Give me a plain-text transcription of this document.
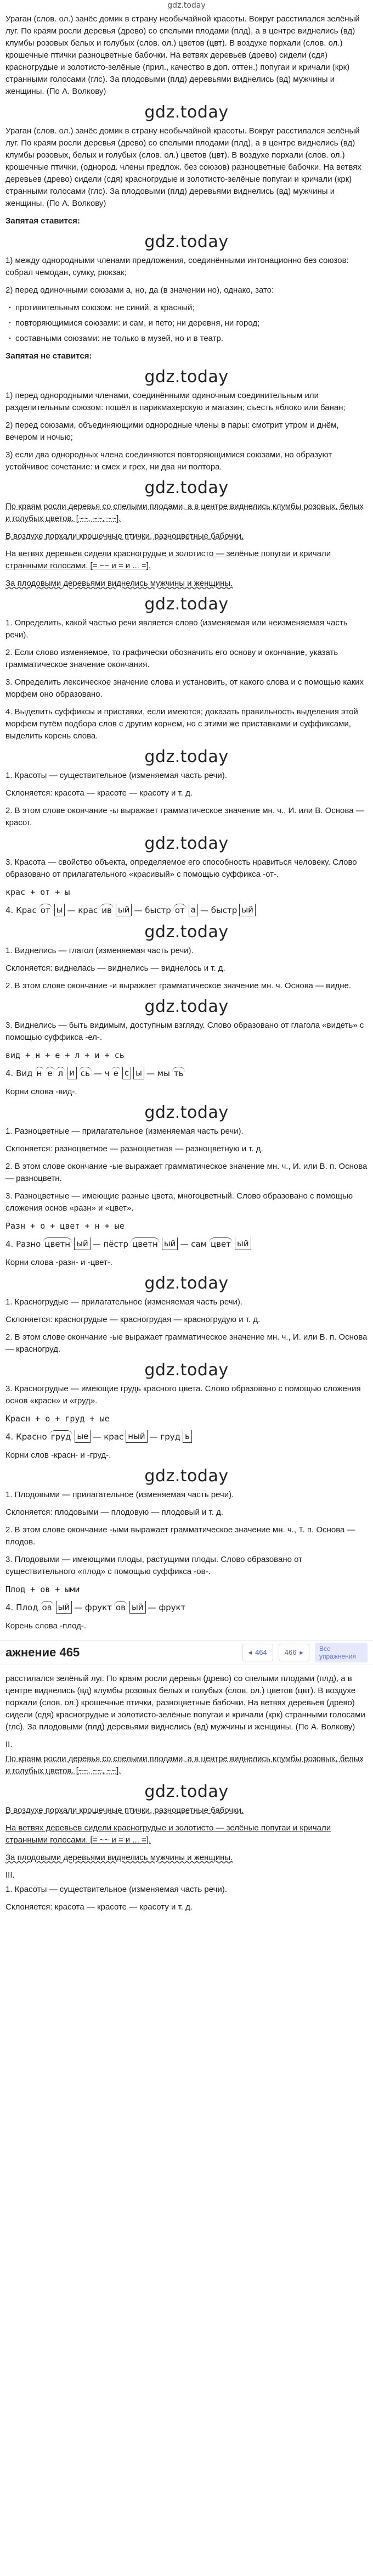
gdz.today

Ураган (слов. ол.) занёс домик в страну необычайной красоты. Вокруг расстилался зелёный луг. По краям росли деревья (древо) со спелыми плодами (плд), а в центре виднелись (вд) клумбы розовых белых и голубых (слов. ол.) цветов (цвт). В воздухе порхали (слов. ол.) крошечные птички разноцветные бабочки. На ветвях деревьев (древо) сидели (сдя) красногрудые и золотисто-зелёные (прил., качество в доп. оттен.) попугаи и кричали (крк) странными голосами (глс). За плодовыми (плд) деревьями виднелись (вд) мужчины и женщины. (По А. Волкову)

gdz.today

Ураган (слов. ол.) занёс домик в страну необычайной красоты. Вокруг расстилался зелёный луг. По краям росли деревья (древо) со спелыми плодами (плд), а в центре виднелись (вд) клумбы розовых, белых и голубых (слов. ол.) цветов (цвт). В воздухе порхали (слов. ол.) крошечные птички, (однород. члены предлож. без союзов) разноцветные бабочки. На ветвях деревьев (древо) сидели (сдя) красногрудые и золотисто-зелёные попугаи и кричали (крк) странными голосами (глс). За плодовыми (плд) деревьями виднелись (вд) мужчины и женщины. (По А. Волкову)

Запятая ставится:

gdz.today

1) между однородными членами предложения, соединёнными интонационно без союзов: собрал чемодан, сумку, рюкзак;

2) перед одиночными союзами а, но, да (в значении но), однако, зато:

· противительным союзом: не синий, а красный;
· повторяющимися союзами: и сам, и пето; ни деревня, ни город;
· составными союзами: не только в музей, но и в театр.

Запятая не ставится:

gdz.today

1) перед однородными членами, соединёнными одиночным соединительным или разделительным союзом: пошёл в парикмахерскую и магазин; съесть яблоко или банан;

2) перед союзами, объединяющими однородные члены в пары: смотрит утром и днём, вечером и ночью;

3) если два однородных члена соединяются повторяющимися союзами, но образуют устойчивое сочетание: и смех и грех, ни два ни полтора.

gdz.today

По краям росли деревья со спелыми плодами, а в центре виднелись клумбы розовых, белых и голубых цветов. [~~, ~~, ~~].

В воздухе порхали крошечные птички, разноцветные бабочки.

На ветвях деревьев сидели красногрудые и золотисто — зелёные попугаи и кричали странными голосами. [= ~~ и = и ... =].

За плодовыми деревьями виднелись мужчины и женщины.

gdz.today

1. Определить, какой частью речи является слово (изменяемая или неизменяемая часть речи).

2. Если слово изменяемое, то графически обозначить его основу и окончание, указать грамматическое значение окончания.

3. Определить лексическое значение слова и установить, от какого слова и с помощью каких морфем оно образовано.

4. Выделить суффиксы и приставки, если имеются; доказать правильность выделения этой морфем путём подбора слов с другим корнем, но с этими же приставками и суффиксами, выделить корень слова.

gdz.today

1. Красоты — существительное (изменяемая часть речи).

Склоняется: красота — красоте — красоту и т. д.

2. В этом слове окончание -ы выражает грамматическое значение мн. ч., И. или В. Основа — красот.

gdz.today

3. Красота — свойство объекта, определяемое его способность нравиться человеку. Слово образовано от прилагательного «красивый» с помощью суффикса -от-.

крас + от + ы
4. Крас от ы — крас ив ый — быстр от а — быстр ый
gdz.today

1. Виднелись — глагол (изменяемая часть речи).

Склоняется: виднелась — виднелись — виднелось и т. д.

2. В этом слове окончание -и выражает грамматическое значение мн. ч. Основа — видне.

gdz.today

3. Виднелись — быть видимым, доступным взгляду. Слово образовано от глагола «видеть» с помощью суффикса -ел-.

вид + н + е + л + и + сь
4. Вид н е л и сь — ч е с ы — мы ть

Корни слова -вид-.

gdz.today

1. Разноцветные — прилагательное (изменяемая часть речи).

Склоняется: разноцветное — разноцветная — разноцветную и т. д.

2. В этом слове окончание -ые выражает грамматическое значение мн. ч., И. или В. п. Основа — разноцветн.

3. Разноцветные — имеющие разные цвета, многоцветный. Слово образовано с помощью сложения основ «разн» и «цвет».

Разн + о + цвет + н + ые
4. Разно цветн ый — пёстр цветн ый — сам цвет ый

Корни слова -разн- и -цвет-.

gdz.today

1. Красногрудые — прилагательное (изменяемая часть речи).

Склоняется: красногрудые — красногрудая — красногрудую и т. д.

2. В этом слове окончание -ые выражает грамматическое значение мн. ч., И. или В. п. Основа — красногруд.

gdz.today

3. Красногрудые — имеющие грудь красного цвета. Слово образовано с помощью сложения основ «красн» и «груд».

Красн + о + груд + ые
4. Красно груд ые — крас ный — груд ь

Корни слов -красн- и -груд-.

gdz.today

1. Плодовыми — прилагательное (изменяемая часть речи).

Склоняется: плодовыми — плодовую — плодовый и т. д.

2. В этом слове окончание -ыми выражает грамматическое значение мн. ч., Т. п. Основа — плодов.

3. Плодовыми — имеющими плоды, растущими плоды. Слово образовано от существительного «плод» с помощью суффикса -ов-.

Плод + ов + ыми
4. Плод ов ый — фрукт ов ый — фрукт

Корень слова -плод-.

ажнение 465	◂ 464 466 ▸	Все упражнения

расстилался зелёный луг. По краям росли деревья (древо) со спелыми плодами (плд), а в центре виднелись (вд) клумбы розовых белых и голубых (слов. ол.) цветов (цвт). В воздухе порхали (слов. ол.) крошечные птички, разноцветные бабочки. На ветвях деревьев (древо) сидели (сдя) красногрудые и золотисто-зелёные попугаи и кричали (крк) странными голосами (глс). За плодовыми (плд) деревьями виднелись (вд) мужчины и женщины. (По А. Волкову)

II.

По краям росли деревья со спелыми плодами, а в центре виднелись клумбы розовых, белых и голубых цветов. [~~, ~~, ~~].

gdz.today

В воздухе порхали крошечные птички, разноцветные бабочки.

На ветвях деревьев сидели красногрудые и золотисто — зелёные попугаи и кричали странными голосами. [= ~~ и = и ... =].

За плодовыми деревьями виднелись мужчины и женщины.

III.

1. Красоты — существительное (изменяемая часть речи).

Склоняется: красота — красоте — красоту и т. д.
